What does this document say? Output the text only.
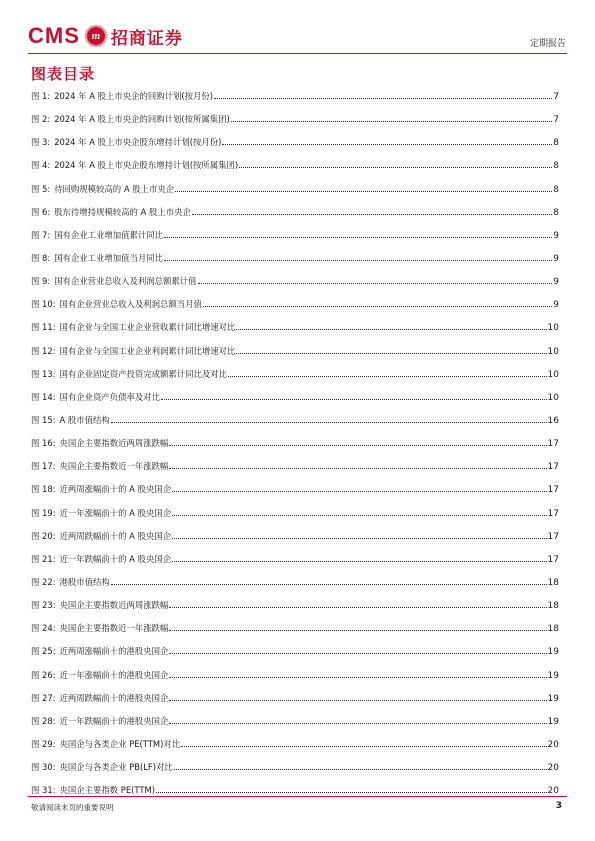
CMS	m 招商证券	定期报告
图表目录
图 1: 2024 年 A 股上市央企的回购计划(按月份)	7
图 2: 2024 年 A 股上市央企的回购计划(按所属集团)	7
图 3: 2024 年 A 股上市央企股东增持计划(按月份)	8
图 4: 2024 年 A 股上市央企股东增持计划(按所属集团)	8
图 5: 待回购规模较高的 A 股上市央企	8
图 6: 股东待增持规模较高的 A 股上市央企	8
图 7: 国有企业工业增加值累计同比	9
图 8: 国有企业工业增加值当月同比	9
图 9: 国有企业营业总收入及利润总额累计值	9
图 10: 国有企业营业总收入及利润总额当月值	9
图 11: 国有企业与全国工业企业营收累计同比增速对比	10
图 12: 国有企业与全国工业企业利润累计同比增速对比	10
图 13: 国有企业固定资产投资完成额累计同比及对比	10
图 14: 国有企业资产负债率及对比	10
图 15: A 股市值结构	16
图 16: 央国企主要指数近两周涨跌幅	17
图 17: 央国企主要指数近一年涨跌幅	17
图 18: 近两周涨幅前十的 A 股央国企	17
图 19: 近一年涨幅前十的 A 股央国企	17
图 20: 近两周跌幅前十的 A 股央国企	17
图 21: 近一年跌幅前十的 A 股央国企	17
图 22: 港股市值结构	18
图 23: 央国企主要指数近两周涨跌幅	18
图 24: 央国企主要指数近一年涨跌幅	18
图 25: 近两周涨幅前十的港股央国企	19
图 26: 近一年涨幅前十的港股央国企	19
图 27: 近两周跌幅前十的港股央国企	19
图 28: 近一年跌幅前十的港股央国企	19
图 29: 央国企与各类企业 PE(TTM)对比	20
图 30: 央国企与各类企业 PB(LF)对比	20
图 31: 央国企主要指数 PE(TTM)	20
敬请阅读末页的重要说明	3
